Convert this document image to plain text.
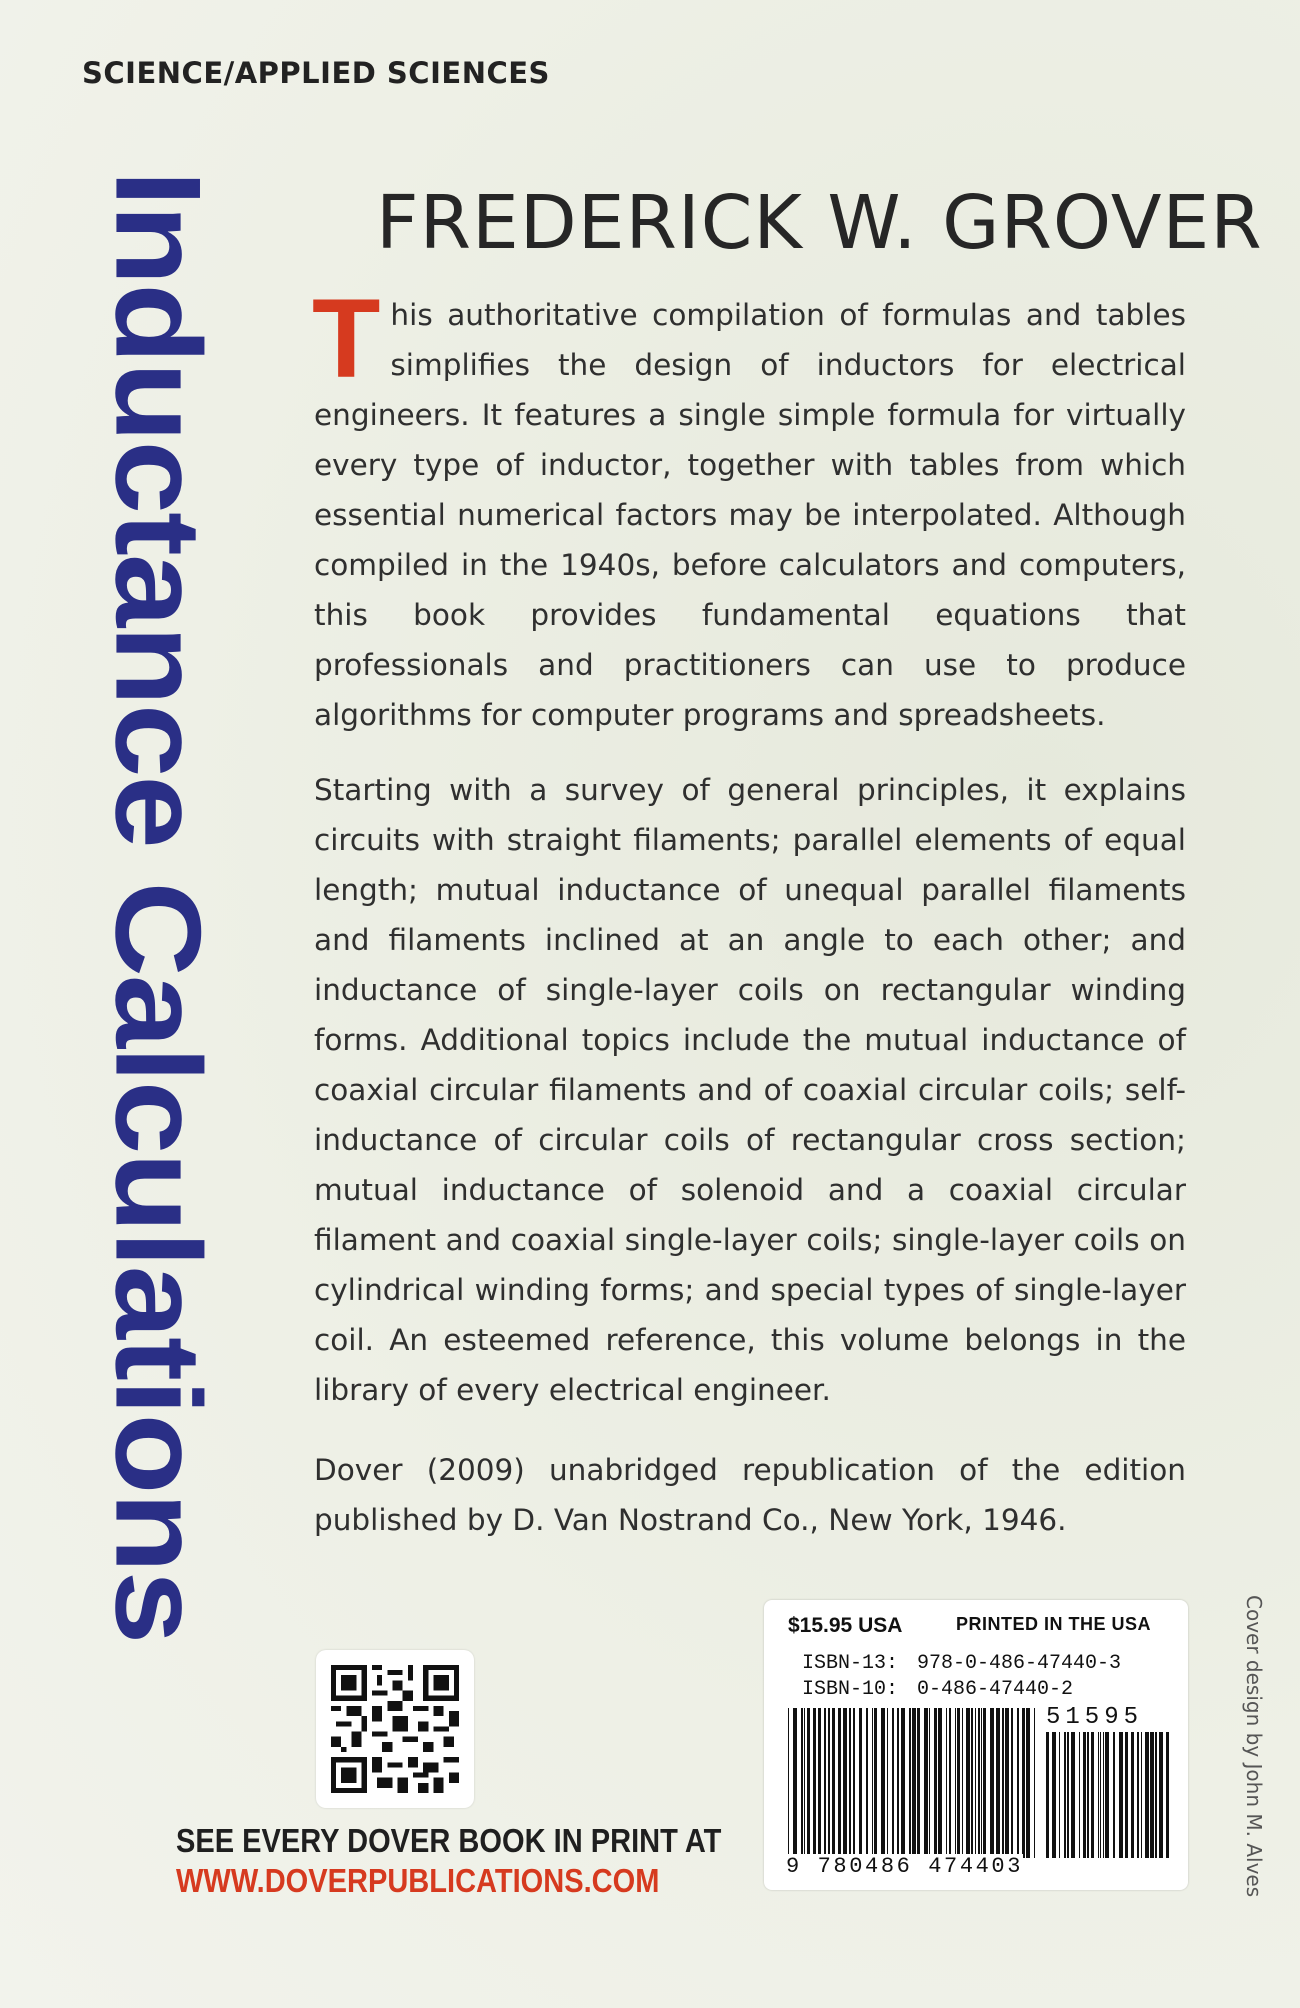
SCIENCE/APPLIED SCIENCES
Inductance Calculations FREDERICK W. GROVER
This authoritative compilation of formulas and tables simplifies the design of inductors for electrical engineers. It features a single simple formula for virtually every type of inductor, together with tables from which essential numerical factors may be interpolated. Although compiled in the 1940s, before calculators and computers, this book provides fundamental equations that professionals and practitioners can use to produce algorithms for computer programs and spreadsheets.
Starting with a survey of general principles, it explains circuits with straight filaments; parallel elements of equal length; mutual inductance of unequal parallel filaments and filaments inclined at an angle to each other; and inductance of single-layer coils on rectangular winding forms. Additional topics include the mutual inductance of coaxial circular filaments and of coaxial circular coils; self-inductance of circular coils of rectangular cross section; mutual inductance of solenoid and a coaxial circular filament and coaxial single-layer coils; single-layer coils on cylindrical winding forms; and special types of single-layer coil. An esteemed reference, this volume belongs in the library of every electrical engineer.
Dover (2009) unabridged republication of the edition published by D. Van Nostrand Co., New York, 1946.
Cover design by John M. Alves
SEE EVERY DOVER BOOK IN PRINT AT
WWW.DOVERPUBLICATIONS.COM
$15.95 USA	PRINTED IN THE USA
ISBN-13: 978-0-486-47440-3
ISBN-10: 0-486-47440-2
51595
9 780486 474403
